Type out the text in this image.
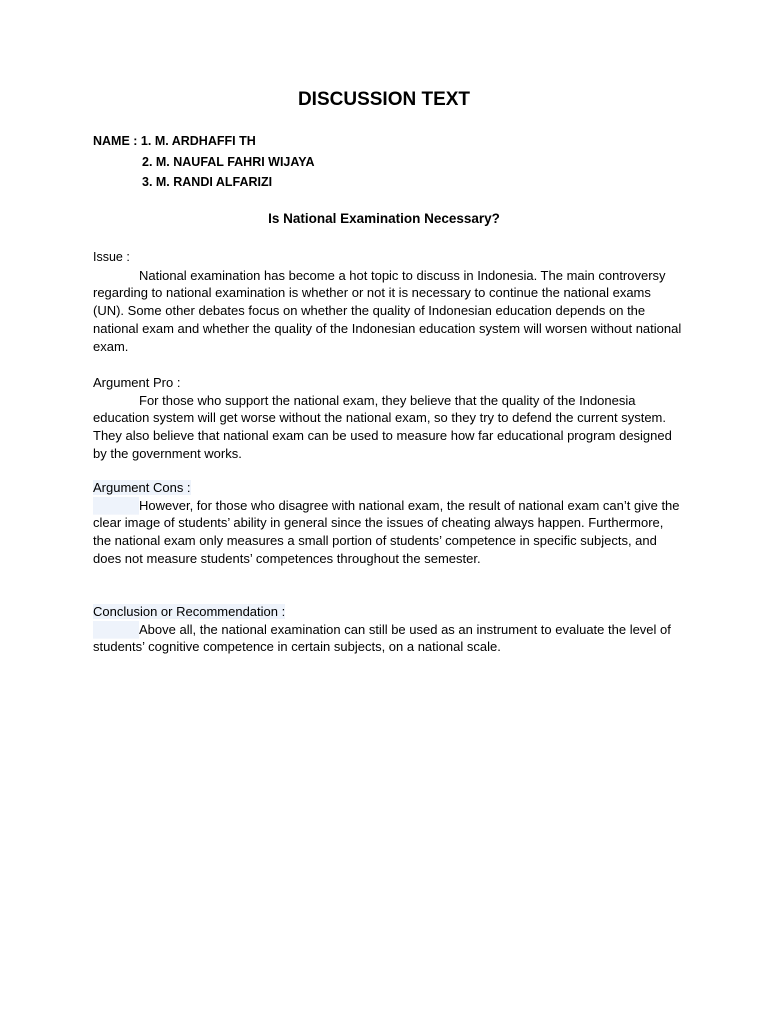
DISCUSSION TEXT
NAME : 1. M. ARDHAFFI TH
2. M. NAUFAL FAHRI WIJAYA
3. M. RANDI ALFARIZI
Is National Examination Necessary?
Issue :
National examination has become a hot topic to discuss in Indonesia. The main controversy regarding to national examination is whether or not it is necessary to continue the national exams (UN). Some other debates focus on whether the quality of Indonesian education depends on the national exam and whether the quality of the Indonesian education system will worsen without national exam.
Argument Pro :
For those who support the national exam, they believe that the quality of the Indonesia education system will get worse without the national exam, so they try to defend the current system. They also believe that national exam can be used to measure how far educational program designed by the government works.
Argument Cons :
However, for those who disagree with national exam, the result of national exam can’t give the clear image of students’ ability in general since the issues of cheating always happen. Furthermore, the national exam only measures a small portion of students’ competence in specific subjects, and does not measure students’ competences throughout the semester.
Conclusion or Recommendation :
Above all, the national examination can still be used as an instrument to evaluate the level of students’ cognitive competence in certain subjects, on a national scale.
